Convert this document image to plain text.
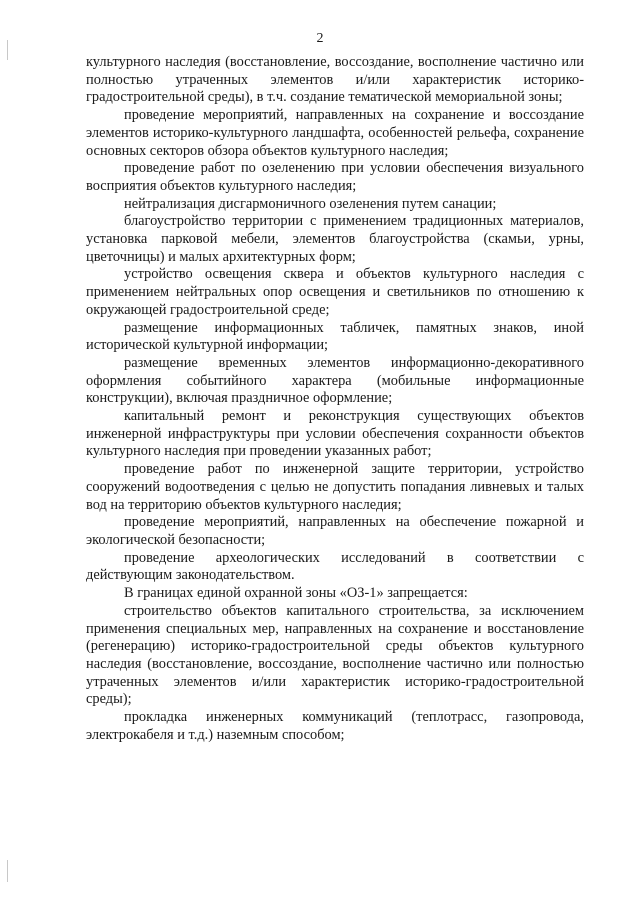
2

культурного наследия (восстановление, воссоздание, восполнение частично или полностью утраченных элементов и/или характеристик историко-градостроительной среды), в т.ч. создание тематической мемориальной зоны;

проведение мероприятий, направленных на сохранение и воссоздание элементов историко-культурного ландшафта, особенностей рельефа, сохранение основных секторов обзора объектов культурного наследия;

проведение работ по озеленению при условии обеспечения визуального восприятия объектов культурного наследия;

нейтрализация дисгармоничного озеленения путем санации;

благоустройство территории с применением традиционных материалов, установка парковой мебели, элементов благоустройства (скамьи, урны, цветочницы) и малых архитектурных форм;

устройство освещения сквера и объектов культурного наследия с применением нейтральных опор освещения и светильников по отношению к окружающей градостроительной среде;

размещение информационных табличек, памятных знаков, иной исторической культурной информации;

размещение временных элементов информационно-декоративного оформления событийного характера (мобильные информационные конструкции), включая праздничное оформление;

капитальный ремонт и реконструкция существующих объектов инженерной инфраструктуры при условии обеспечения сохранности объектов культурного наследия при проведении указанных работ;

проведение работ по инженерной защите территории, устройство сооружений водоотведения с целью не допустить попадания ливневых и талых вод на территорию объектов культурного наследия;

проведение мероприятий, направленных на обеспечение пожарной и экологической безопасности;

проведение археологических исследований в соответствии с действующим законодательством.

В границах единой охранной зоны «ОЗ-1» запрещается:

строительство объектов капитального строительства, за исключением применения специальных мер, направленных на сохранение и восстановление (регенерацию) историко-градостроительной среды объектов культурного наследия (восстановление, воссоздание, восполнение частично или полностью утраченных элементов и/или характеристик историко-градостроительной среды);

прокладка инженерных коммуникаций (теплотрасс, газопровода, электрокабеля и т.д.) наземным способом;
